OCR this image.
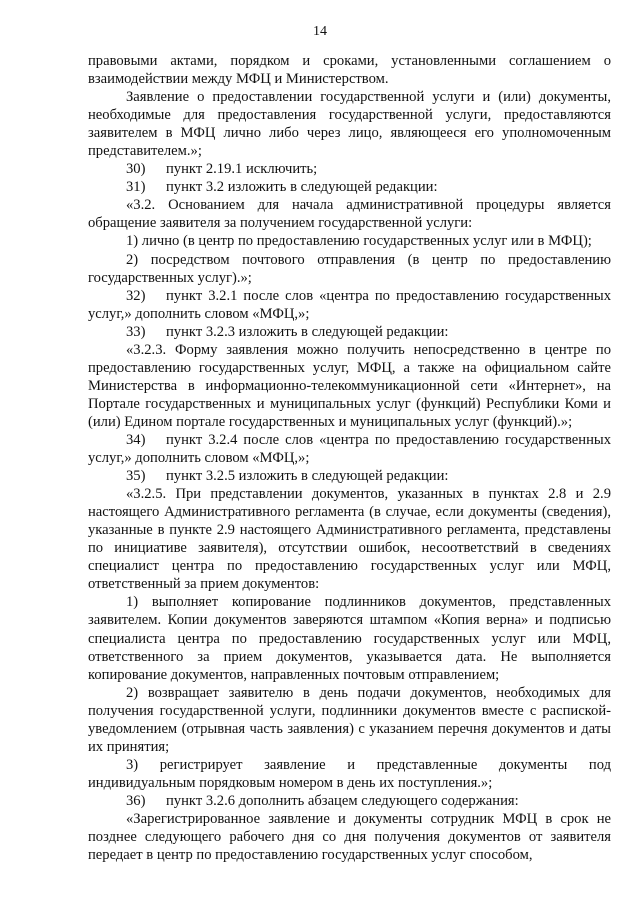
14

правовыми актами, порядком и сроками, установленными соглашением о взаимодействии между МФЦ и Министерством.

Заявление о предоставлении государственной услуги и (или) документы, необходимые для предоставления государственной услуги, предоставляются заявителем в МФЦ лично либо через лицо, являющееся его уполномоченным представителем.»;

30) пункт 2.19.1 исключить;

31) пункт 3.2 изложить в следующей редакции:

«3.2. Основанием для начала административной процедуры является обращение заявителя за получением государственной услуги:

1) лично (в центр по предоставлению государственных услуг или в МФЦ);

2) посредством почтового отправления (в центр по предоставлению государственных услуг).»;

32) пункт 3.2.1 после слов «центра по предоставлению государственных услуг,» дополнить словом «МФЦ,»;

33) пункт 3.2.3 изложить в следующей редакции:

«3.2.3. Форму заявления можно получить непосредственно в центре по предоставлению государственных услуг, МФЦ, а также на официальном сайте Министерства в информационно-телекоммуникационной сети «Интернет», на Портале государственных и муниципальных услуг (функций) Республики Коми и (или) Едином портале государственных и муниципальных услуг (функций).»;

34) пункт 3.2.4 после слов «центра по предоставлению государственных услуг,» дополнить словом «МФЦ,»;

35) пункт 3.2.5 изложить в следующей редакции:

«3.2.5. При представлении документов, указанных в пунктах 2.8 и 2.9 настоящего Административного регламента (в случае, если документы (сведения), указанные в пункте 2.9 настоящего Административного регламента, представлены по инициативе заявителя), отсутствии ошибок, несоответствий в сведениях специалист центра по предоставлению государственных услуг или МФЦ, ответственный за прием документов:

1) выполняет копирование подлинников документов, представленных заявителем. Копии документов заверяются штампом «Копия верна» и подписью специалиста центра по предоставлению государственных услуг или МФЦ, ответственного за прием документов, указывается дата. Не выполняется копирование документов, направленных почтовым отправлением;

2) возвращает заявителю в день подачи документов, необходимых для получения государственной услуги, подлинники документов вместе с распиской-уведомлением (отрывная часть заявления) с указанием перечня документов и даты их принятия;

3) регистрирует заявление и представленные документы под индивидуальным порядковым номером в день их поступления.»;

36) пункт 3.2.6 дополнить абзацем следующего содержания:

«Зарегистрированное заявление и документы сотрудник МФЦ в срок не позднее следующего рабочего дня со дня получения документов от заявителя передает в центр по предоставлению государственных услуг способом,
